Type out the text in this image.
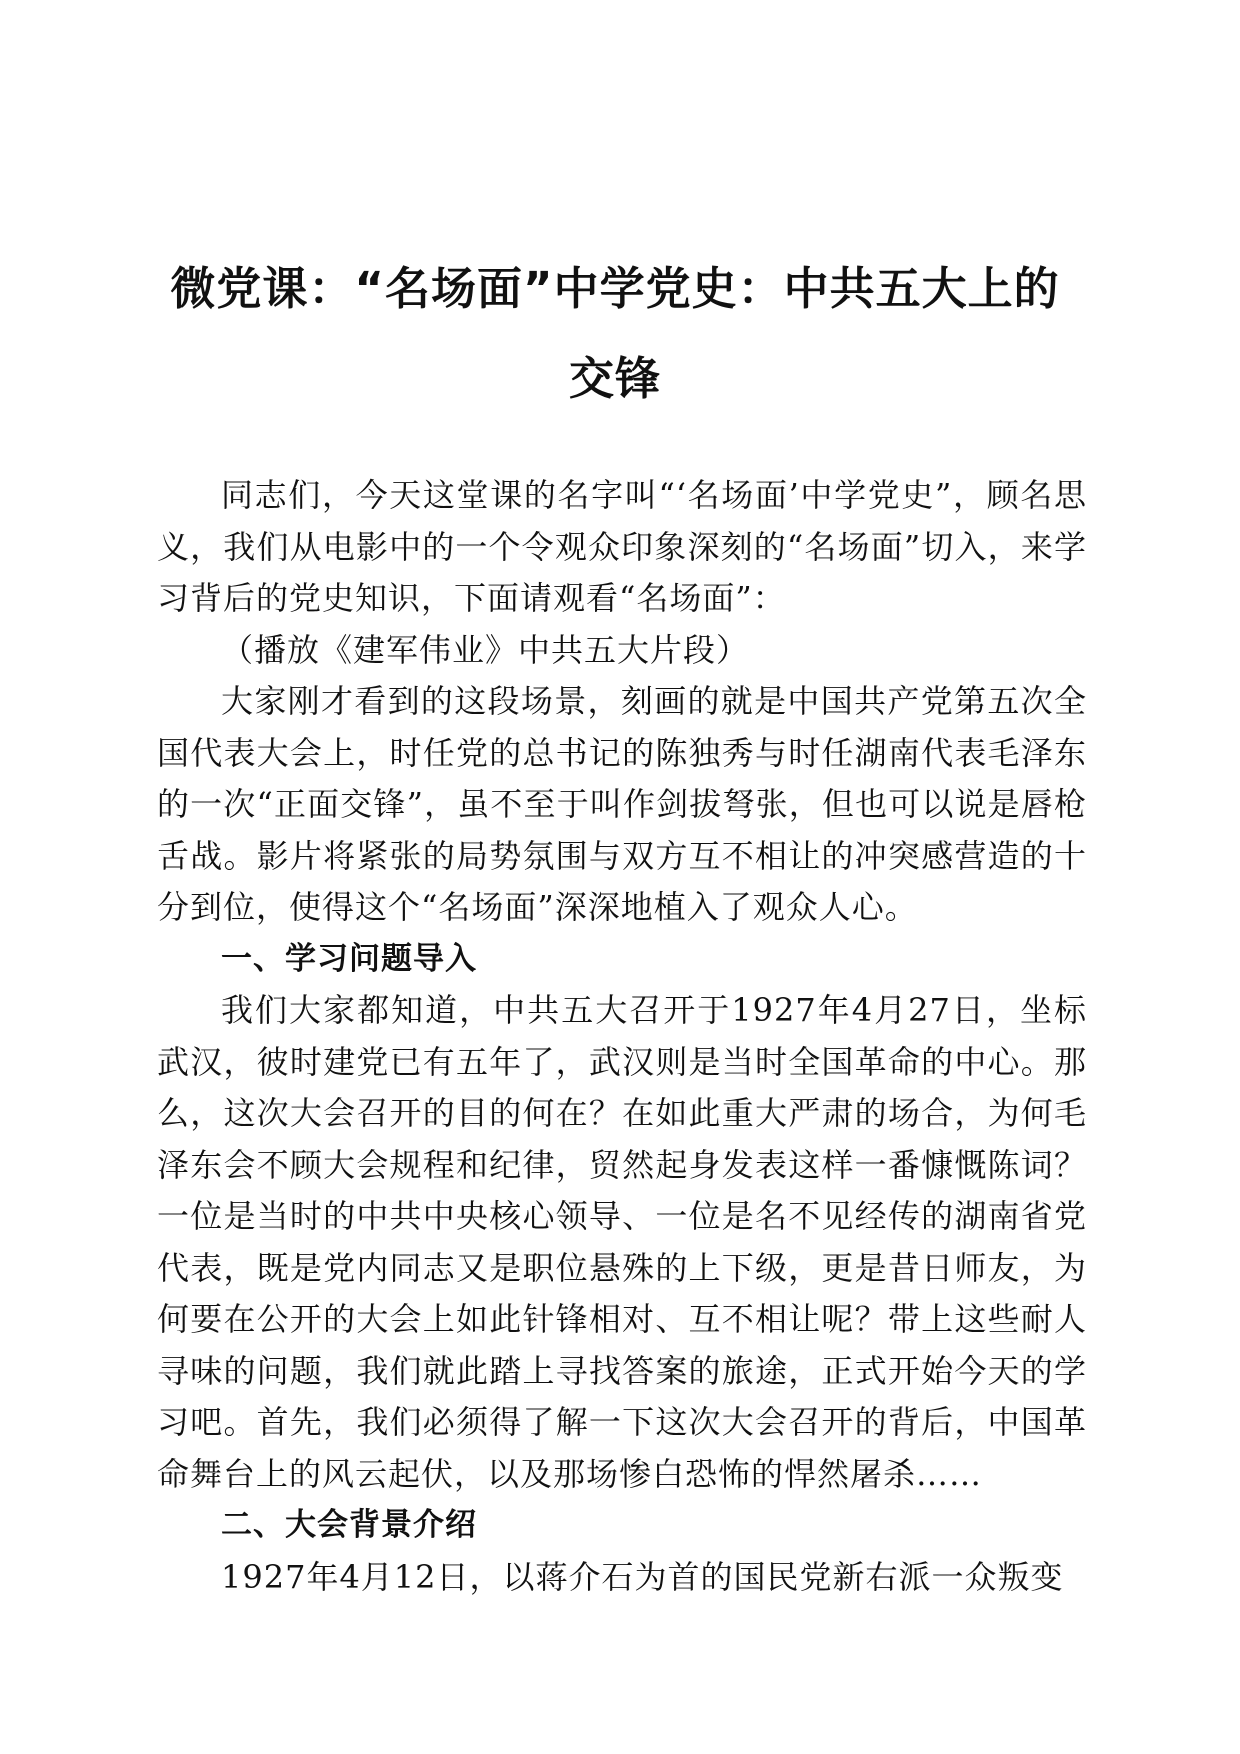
微党课：“名场面”中学党史：中共五大上的
交锋

同志们，今天这堂课的名字叫“‘名场面’中学党史”，顾名思义，我们从电影中的一个令观众印象深刻的“名场面”切入，来学习背后的党史知识，下面请观看“名场面”：

（播放《建军伟业》中共五大片段）

大家刚才看到的这段场景，刻画的就是中国共产党第五次全国代表大会上，时任党的总书记的陈独秀与时任湖南代表毛泽东的一次“正面交锋”，虽不至于叫作剑拔弩张，但也可以说是唇枪舌战。影片将紧张的局势氛围与双方互不相让的冲突感营造的十分到位，使得这个“名场面”深深地植入了观众人心。

一、学习问题导入

我们大家都知道，中共五大召开于1927年4月27日，坐标武汉，彼时建党已有五年了，武汉则是当时全国革命的中心。那么，这次大会召开的目的何在？在如此重大严肃的场合，为何毛泽东会不顾大会规程和纪律，贸然起身发表这样一番慷慨陈词？一位是当时的中共中央核心领导、一位是名不见经传的湖南省党代表，既是党内同志又是职位悬殊的上下级，更是昔日师友，为何要在公开的大会上如此针锋相对、互不相让呢？带上这些耐人寻味的问题，我们就此踏上寻找答案的旅途，正式开始今天的学习吧。首先，我们必须得了解一下这次大会召开的背后，中国革命舞台上的风云起伏，以及那场惨白恐怖的悍然屠杀……

二、大会背景介绍

1927年4月12日，以蒋介石为首的国民党新右派一众叛变
